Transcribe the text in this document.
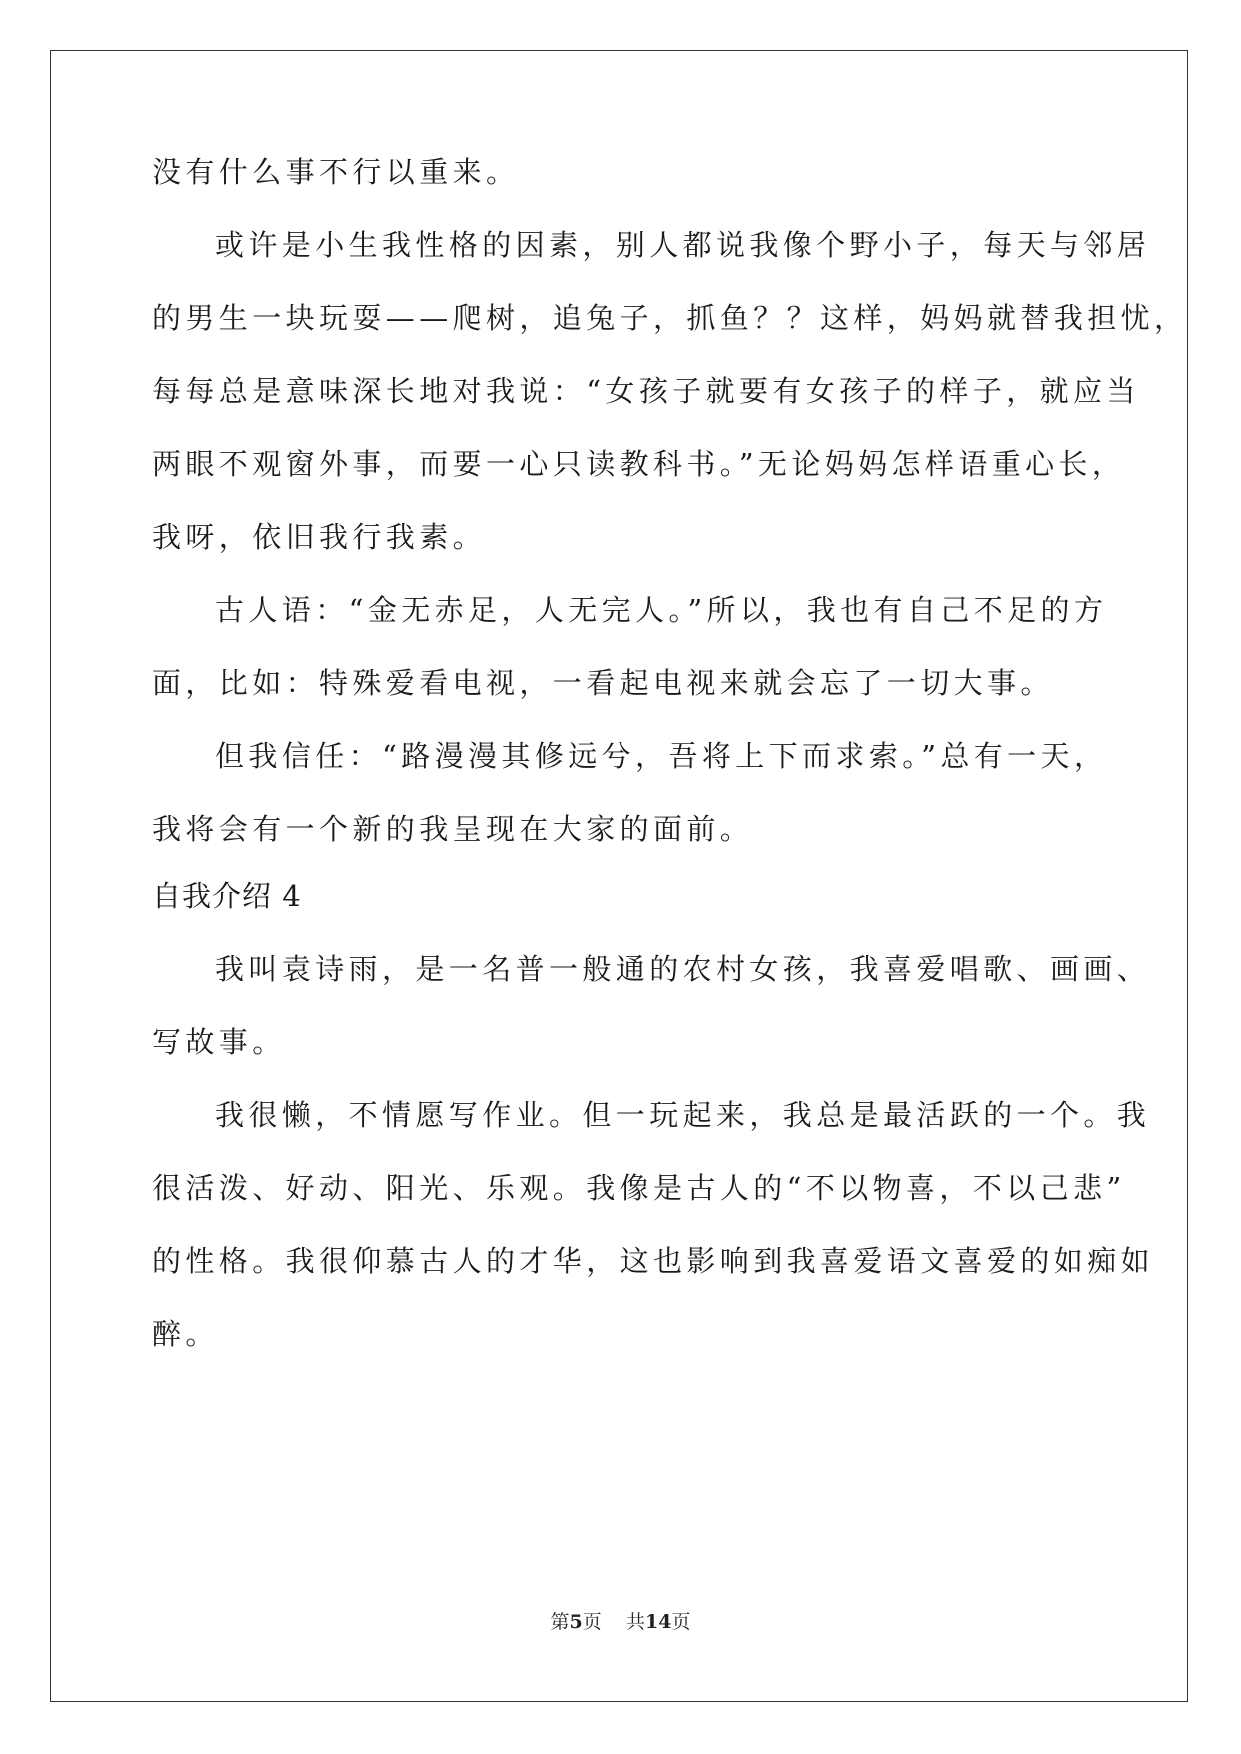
没有什么事不行以重来。
或许是小生我性格的因素，别人都说我像个野小子，每天与邻居
的男生一块玩耍——爬树，追兔子，抓鱼？？这样，妈妈就替我担忧，
每每总是意味深长地对我说：“女孩子就要有女孩子的样子，就应当
两眼不观窗外事，而要一心只读教科书。”无论妈妈怎样语重心长，
我呀，依旧我行我素。
古人语：“金无赤足，人无完人。”所以，我也有自己不足的方
面，比如：特殊爱看电视，一看起电视来就会忘了一切大事。
但我信任：“路漫漫其修远兮，吾将上下而求索。”总有一天，
我将会有一个新的我呈现在大家的面前。
自我介绍 4
我叫袁诗雨，是一名普一般通的农村女孩，我喜爱唱歌、画画、
写故事。
我很懒，不情愿写作业。但一玩起来，我总是最活跃的一个。我
很活泼、好动、阳光、乐观。我像是古人的“不以物喜，不以己悲”
的性格。我很仰慕古人的才华，这也影响到我喜爱语文喜爱的如痴如
醉。
第5页 共14页
